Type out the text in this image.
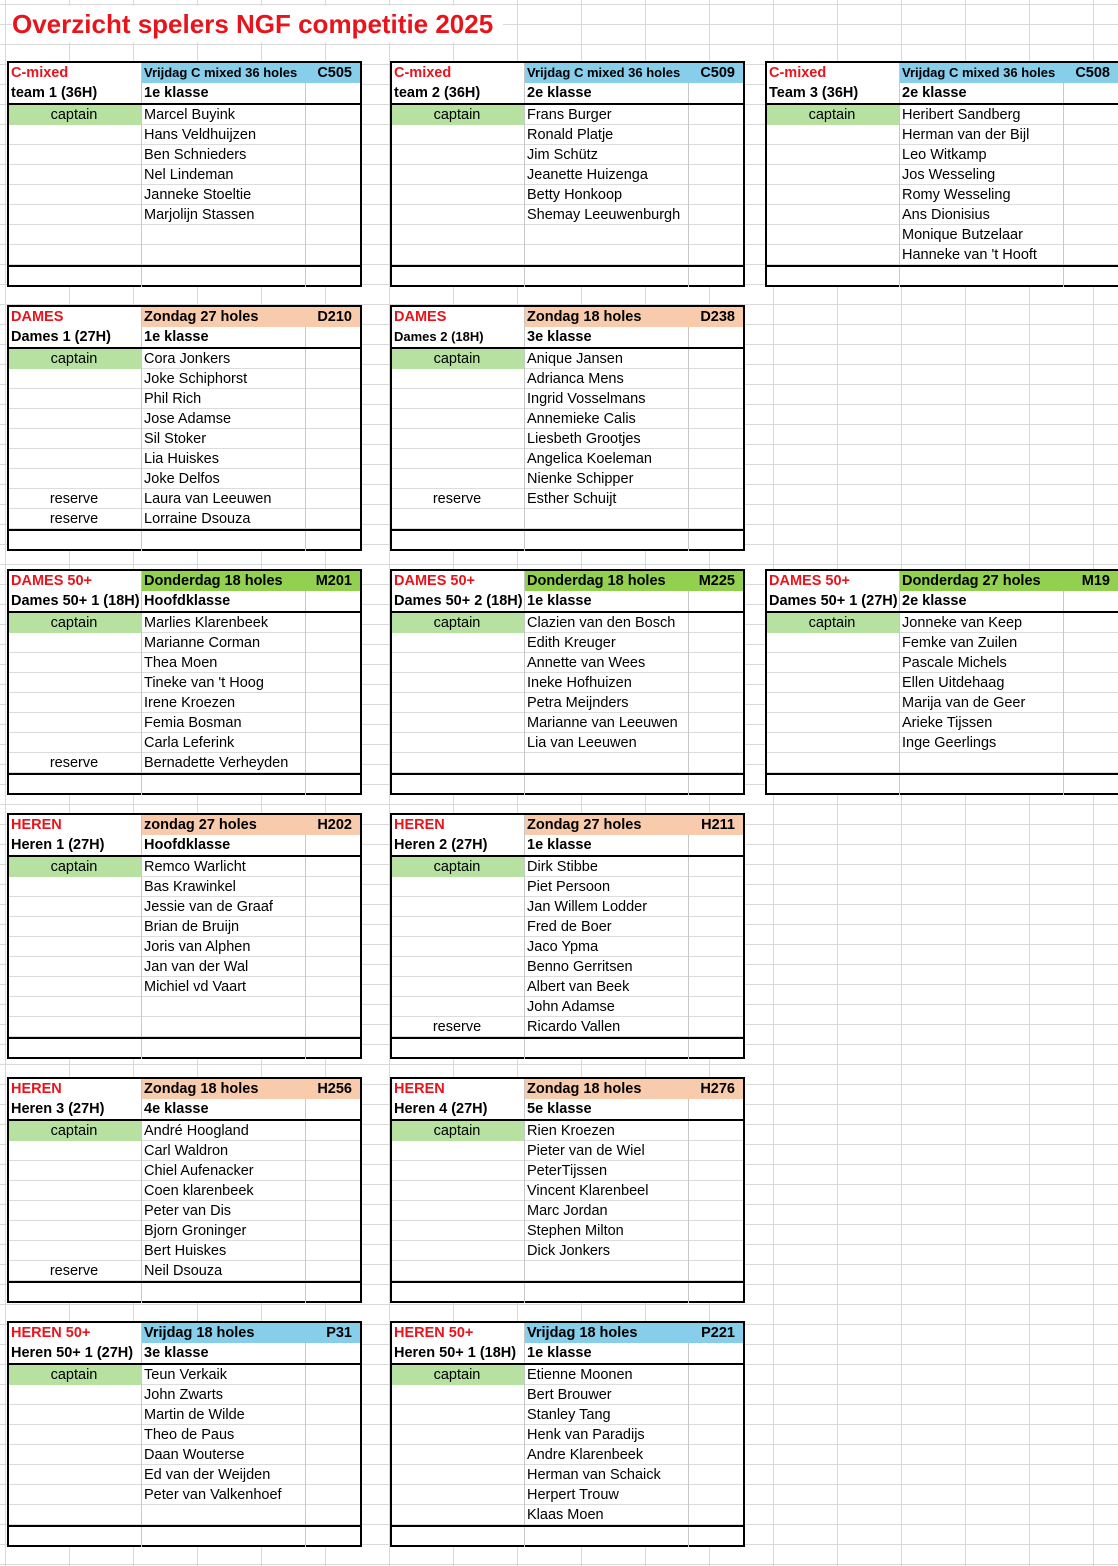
Overzicht spelers NGF competitie 2025
C-mixed	Vrijdag C mixed 36 holes	C505
team 1 (36H)	1e klasse
captain	Marcel Buyink
Hans Veldhuijzen
Ben Schnieders
Nel Lindeman
Janneke Stoeltie
Marjolijn Stassen
C-mixed	Vrijdag C mixed 36 holes	C509
team 2 (36H)	2e klasse
captain	Frans Burger
Ronald Platje
Jim Schütz
Jeanette Huizenga
Betty Honkoop
Shemay Leeuwenburgh
C-mixed	Vrijdag C mixed 36 holes	C508
Team 3 (36H)	2e klasse
captain	Heribert Sandberg
Herman van der Bijl
Leo Witkamp
Jos Wesseling
Romy Wesseling
Ans Dionisius
Monique Butzelaar
Hanneke van 't Hooft
DAMES	Zondag 27 holes	D210
Dames 1 (27H)	1e klasse
captain	Cora Jonkers
Joke Schiphorst
Phil Rich
Jose Adamse
Sil Stoker
Lia Huiskes
Joke Delfos
reserve	Laura van Leeuwen
reserve	Lorraine Dsouza
DAMES	Zondag 18 holes	D238
Dames 2 (18H)	3e klasse
captain	Anique Jansen
Adrianca Mens
Ingrid Vosselmans
Annemieke Calis
Liesbeth Grootjes
Angelica Koeleman
Nienke Schipper
reserve	Esther Schuijt
DAMES 50+	Donderdag 18 holes	M201
Dames 50+ 1 (18H) Hoofdklasse
captain	Marlies Klarenbeek
Marianne Corman
Thea Moen
Tineke van 't Hoog
Irene Kroezen
Femia Bosman
Carla Leferink
reserve	Bernadette Verheyden
DAMES 50+	Donderdag 18 holes	M225
Dames 50+ 2 (18H) 1e klasse
captain	Clazien van den Bosch
Edith Kreuger
Annette van Wees
Ineke Hofhuizen
Petra Meijnders
Marianne van Leeuwen
Lia van Leeuwen
DAMES 50+	Donderdag 27 holes	M19
Dames 50+ 1 (27H) 2e klasse
captain	Jonneke van Keep
Femke van Zuilen
Pascale Michels
Ellen Uitdehaag
Marija van de Geer
Arieke Tijssen
Inge Geerlings
HEREN	zondag 27 holes	H202
Heren 1 (27H)	Hoofdklasse
captain	Remco Warlicht
Bas Krawinkel
Jessie van de Graaf
Brian de Bruijn
Joris van Alphen
Jan van der Wal
Michiel vd Vaart
HEREN	Zondag 27 holes	H211
Heren 2 (27H)	1e klasse
captain	Dirk Stibbe
Piet Persoon
Jan Willem Lodder
Fred de Boer
Jaco Ypma
Benno Gerritsen
Albert van Beek
John Adamse
reserve	Ricardo Vallen
HEREN	Zondag 18 holes	H256
Heren 3 (27H)	4e klasse
captain	André Hoogland
Carl Waldron
Chiel Aufenacker
Coen klarenbeek
Peter van Dis
Bjorn Groninger
Bert Huiskes
reserve	Neil Dsouza
HEREN	Zondag 18 holes	H276
Heren 4 (27H)	5e klasse
captain	Rien Kroezen
Pieter van de Wiel
PeterTijssen
Vincent Klarenbeel
Marc Jordan
Stephen Milton
Dick Jonkers
HEREN 50+	Vrijdag 18 holes	P31
Heren 50+ 1 (27H) 3e klasse
captain	Teun Verkaik
John Zwarts
Martin de Wilde
Theo de Paus
Daan Wouterse
Ed van der Weijden
Peter van Valkenhoef
HEREN 50+	Vrijdag 18 holes	P221
Heren 50+ 1 (18H) 1e klasse
captain	Etienne Moonen
Bert Brouwer
Stanley Tang
Henk van Paradijs
Andre Klarenbeek
Herman van Schaick
Herpert Trouw
Klaas Moen
